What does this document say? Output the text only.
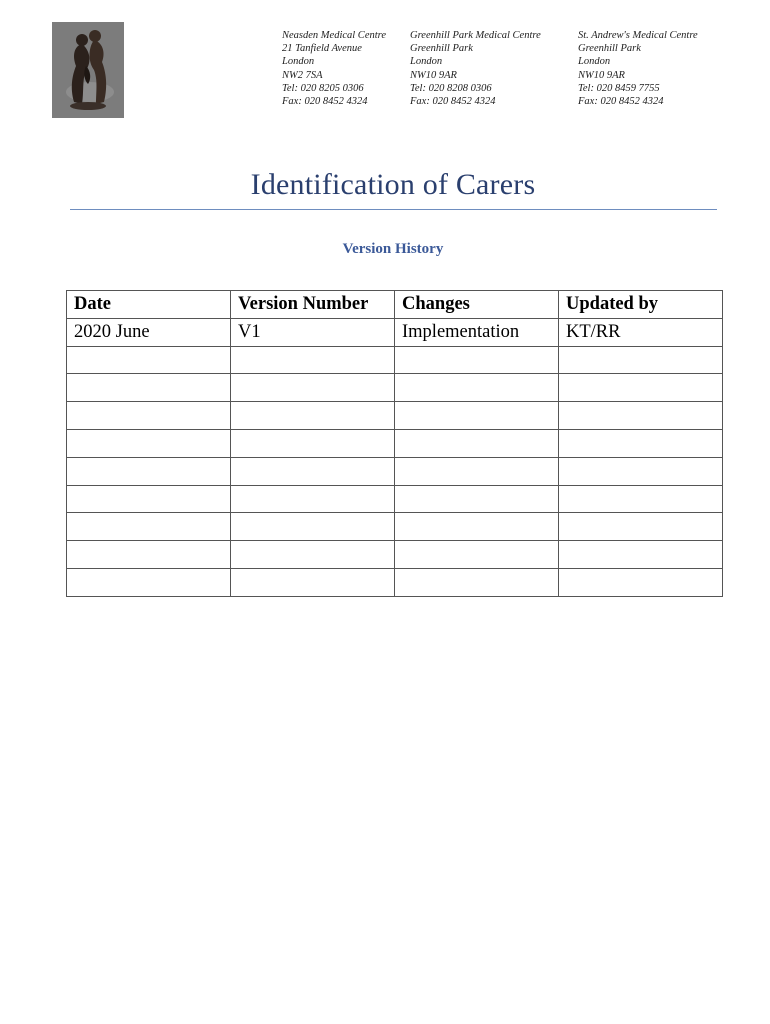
Neasden Medical Centre
21 Tanfield Avenue
London
NW2 7SA
Tel: 020 8205 0306
Fax: 020 8452 4324
Greenhill Park Medical Centre
Greenhill Park
London
NW10 9AR
Tel: 020 8208 0306
Fax: 020 8452 4324
St. Andrew's Medical Centre
Greenhill Park
London
NW10 9AR
Tel: 020 8459 7755
Fax: 020 8452 4324
Identification of Carers
Version History
Date	Version Number	Changes	Updated by
2020 June	V1	Implementation	KT/RR
